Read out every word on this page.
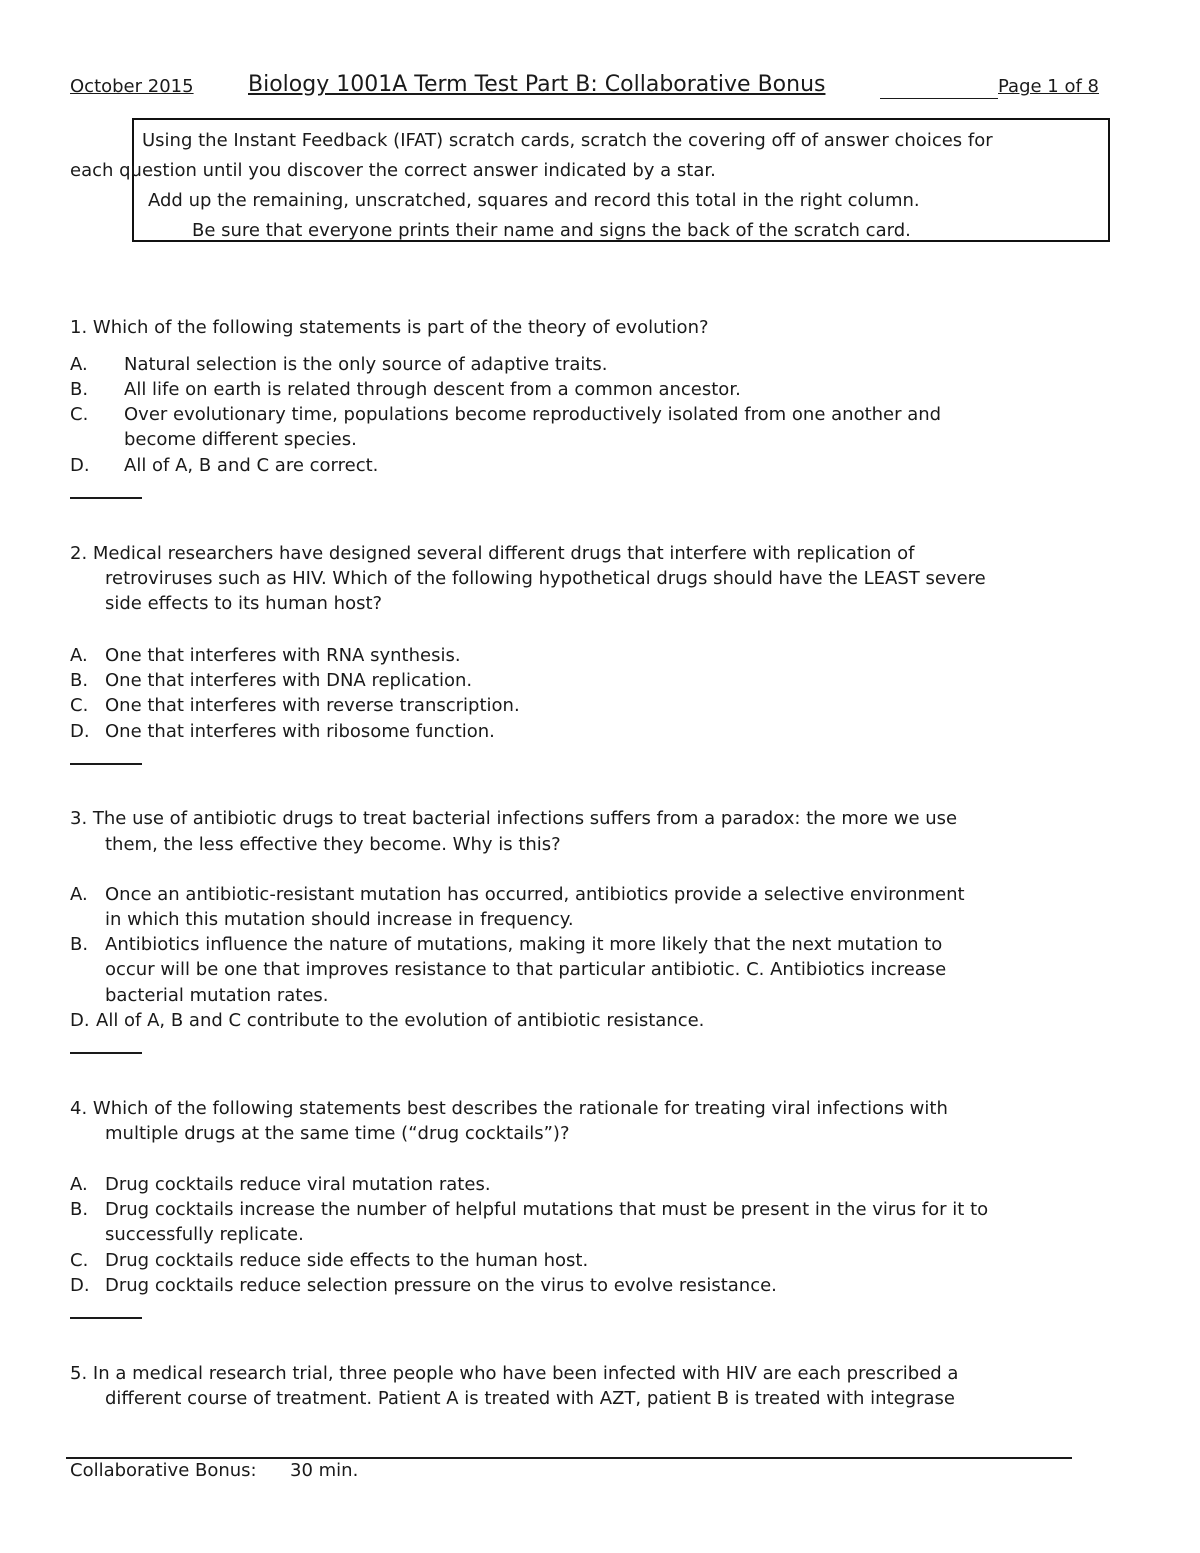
October 2015 Biology 1001A Term Test Part B: Collaborative Bonus	Page 1 of 8
Using the Instant Feedback (IFAT) scratch cards, scratch the covering off of answer choices for
each question until you discover the correct answer indicated by a star.
Add up the remaining, unscratched, squares and record this total in the right column.
Be sure that everyone prints their name and signs the back of the scratch card.
1. Which of the following statements is part of the theory of evolution?
A. Natural selection is the only source of adaptive traits.
B. All life on earth is related through descent from a common ancestor.
C. Over evolutionary time, populations become reproductively isolated from one another and
become different species.
D. All of A, B and C are correct.
2. Medical researchers have designed several different drugs that interfere with replication of
retroviruses such as HIV. Which of the following hypothetical drugs should have the LEAST severe
side effects to its human host?
A. One that interferes with RNA synthesis.
B. One that interferes with DNA replication.
C. One that interferes with reverse transcription.
D. One that interferes with ribosome function.
3. The use of antibiotic drugs to treat bacterial infections suffers from a paradox: the more we use
them, the less effective they become. Why is this?
A. Once an antibiotic-resistant mutation has occurred, antibiotics provide a selective environment
in which this mutation should increase in frequency.
B. Antibiotics influence the nature of mutations, making it more likely that the next mutation to
occur will be one that improves resistance to that particular antibiotic. C. Antibiotics increase
bacterial mutation rates.
D. All of A, B and C contribute to the evolution of antibiotic resistance.
4. Which of the following statements best describes the rationale for treating viral infections with
multiple drugs at the same time (“drug cocktails”)?
A. Drug cocktails reduce viral mutation rates.
B. Drug cocktails increase the number of helpful mutations that must be present in the virus for it to
successfully replicate.
C. Drug cocktails reduce side effects to the human host.
D. Drug cocktails reduce selection pressure on the virus to evolve resistance.
5. In a medical research trial, three people who have been infected with HIV are each prescribed a
different course of treatment. Patient A is treated with AZT, patient B is treated with integrase
Collaborative Bonus: 30 min.
